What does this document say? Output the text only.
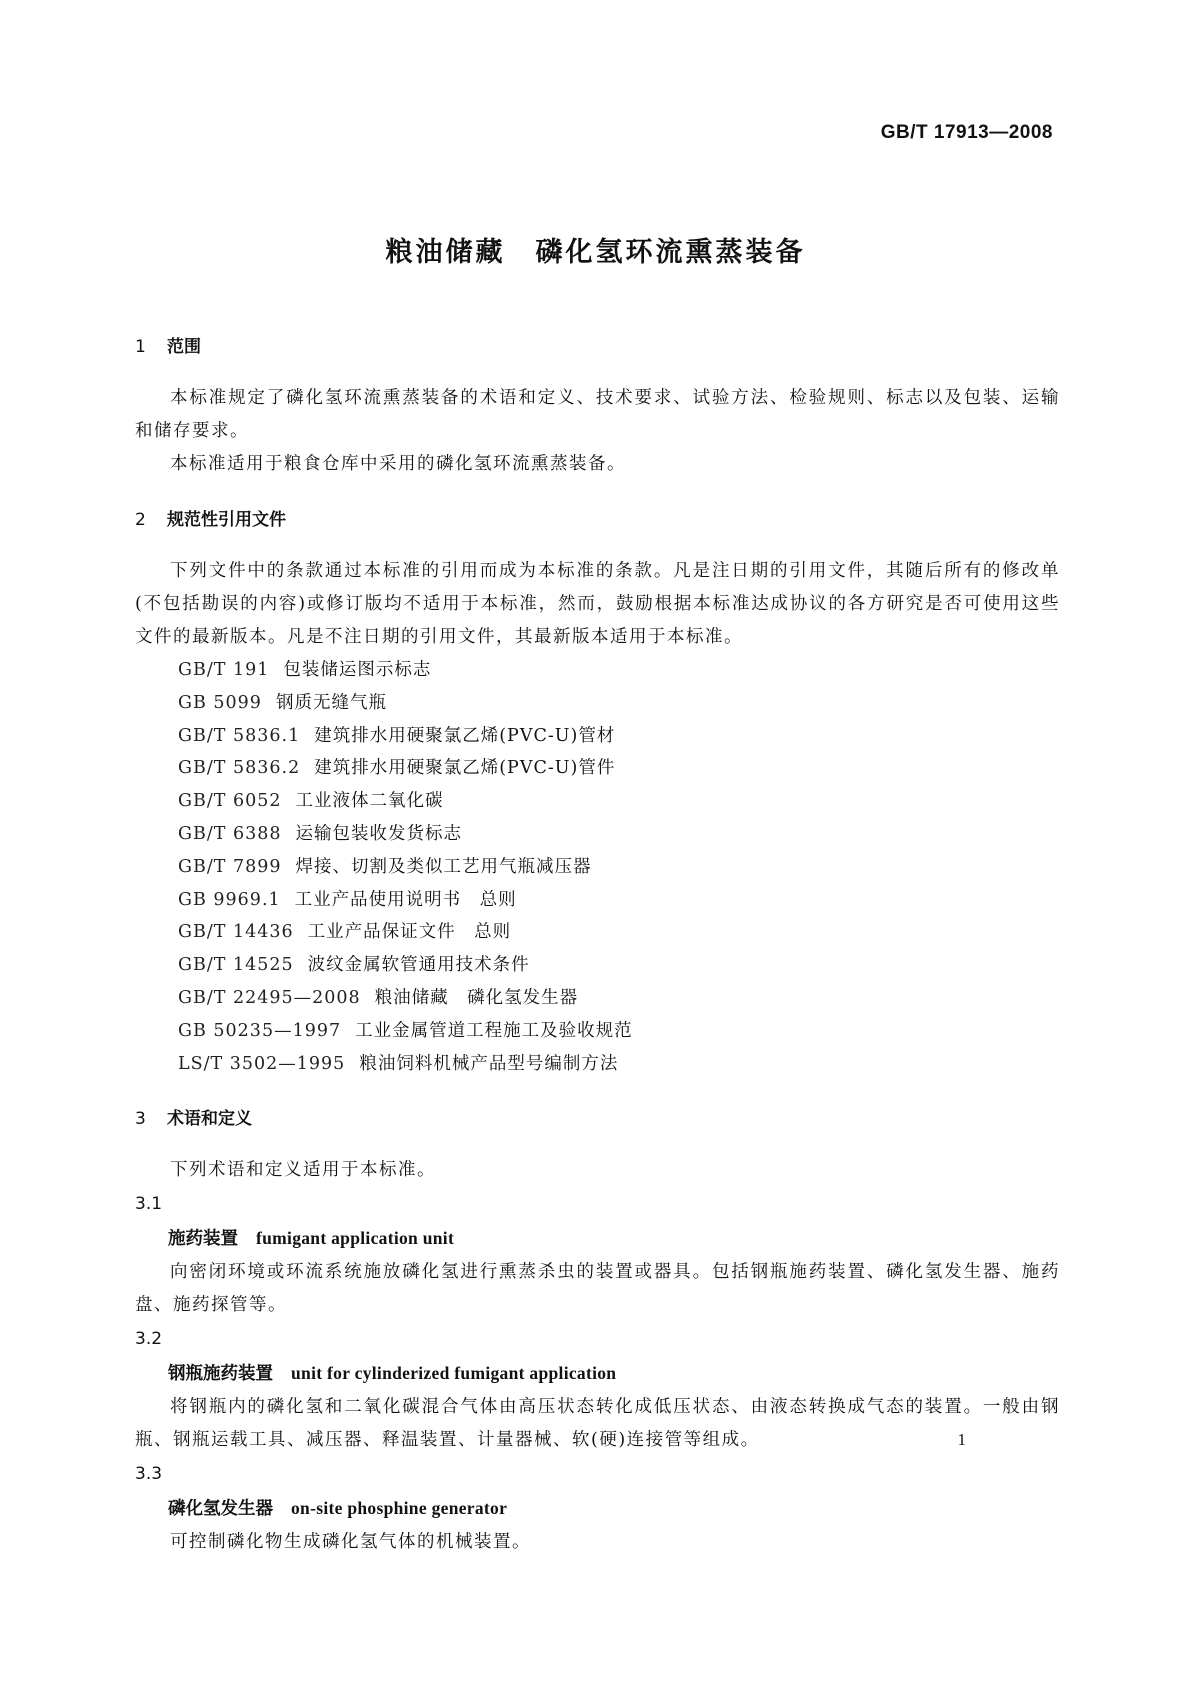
GB/T 17913—2008
粮油储藏　磷化氢环流熏蒸装备
1 范围

本标准规定了磷化氢环流熏蒸装备的术语和定义、技术要求、试验方法、检验规则、标志以及包装、运输和储存要求。

本标准适用于粮食仓库中采用的磷化氢环流熏蒸装备。

2 规范性引用文件

下列文件中的条款通过本标准的引用而成为本标准的条款。凡是注日期的引用文件，其随后所有的修改单(不包括勘误的内容)或修订版均不适用于本标准，然而，鼓励根据本标准达成协议的各方研究是否可使用这些文件的最新版本。凡是不注日期的引用文件，其最新版本适用于本标准。

GB/T 191 包装储运图示标志
GB 5099 钢质无缝气瓶
GB/T 5836.1 建筑排水用硬聚氯乙烯(PVC-U)管材
GB/T 5836.2 建筑排水用硬聚氯乙烯(PVC-U)管件
GB/T 6052 工业液体二氧化碳
GB/T 6388 运输包装收发货标志
GB/T 7899 焊接、切割及类似工艺用气瓶减压器
GB 9969.1 工业产品使用说明书　总则
GB/T 14436 工业产品保证文件　总则
GB/T 14525 波纹金属软管通用技术条件
GB/T 22495—2008 粮油储藏　磷化氢发生器
GB 50235—1997 工业金属管道工程施工及验收规范
LS/T 3502—1995 粮油饲料机械产品型号编制方法
3 术语和定义

下列术语和定义适用于本标准。

3.1

施药装置 fumigant application unit

向密闭环境或环流系统施放磷化氢进行熏蒸杀虫的装置或器具。包括钢瓶施药装置、磷化氢发生器、施药盘、施药探管等。

3.2

钢瓶施药装置 unit for cylinderized fumigant application

将钢瓶内的磷化氢和二氧化碳混合气体由高压状态转化成低压状态、由液态转换成气态的装置。一般由钢瓶、钢瓶运载工具、减压器、释温装置、计量器械、软(硬)连接管等组成。

3.3

磷化氢发生器 on-site phosphine generator

可控制磷化物生成磷化氢气体的机械装置。

1
